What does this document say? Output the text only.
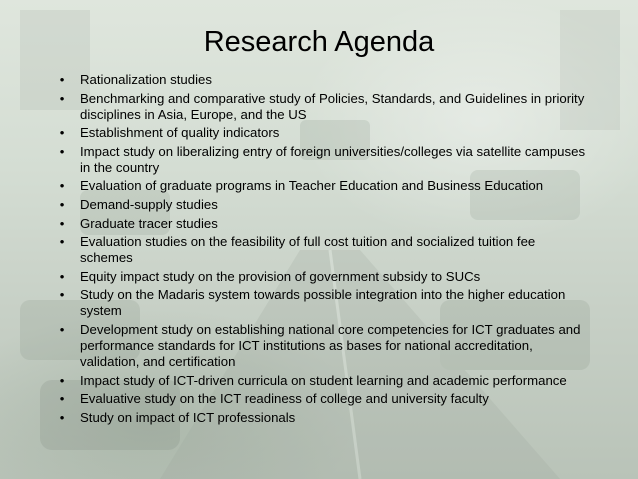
Research Agenda
• Rationalization studies
• Benchmarking and comparative study of Policies, Standards, and Guidelines in priority disciplines in Asia, Europe, and the US
• Establishment of quality indicators
• Impact study on liberalizing entry of foreign universities/colleges via satellite campuses in the country
• Evaluation of graduate programs in Teacher Education and Business Education
• Demand-supply studies
• Graduate tracer studies
• Evaluation studies on the feasibility of full cost tuition and socialized tuition fee schemes
• Equity impact study on the provision of government subsidy to SUCs
• Study on the Madaris system towards possible integration into the higher education system
• Development study on establishing national core competencies for ICT graduates and performance standards for ICT institutions as bases for national accreditation, validation, and certification
• Impact study of ICT-driven curricula on student learning and academic performance
• Evaluative study on the ICT readiness of college and university faculty
• Study on impact of ICT professionals
